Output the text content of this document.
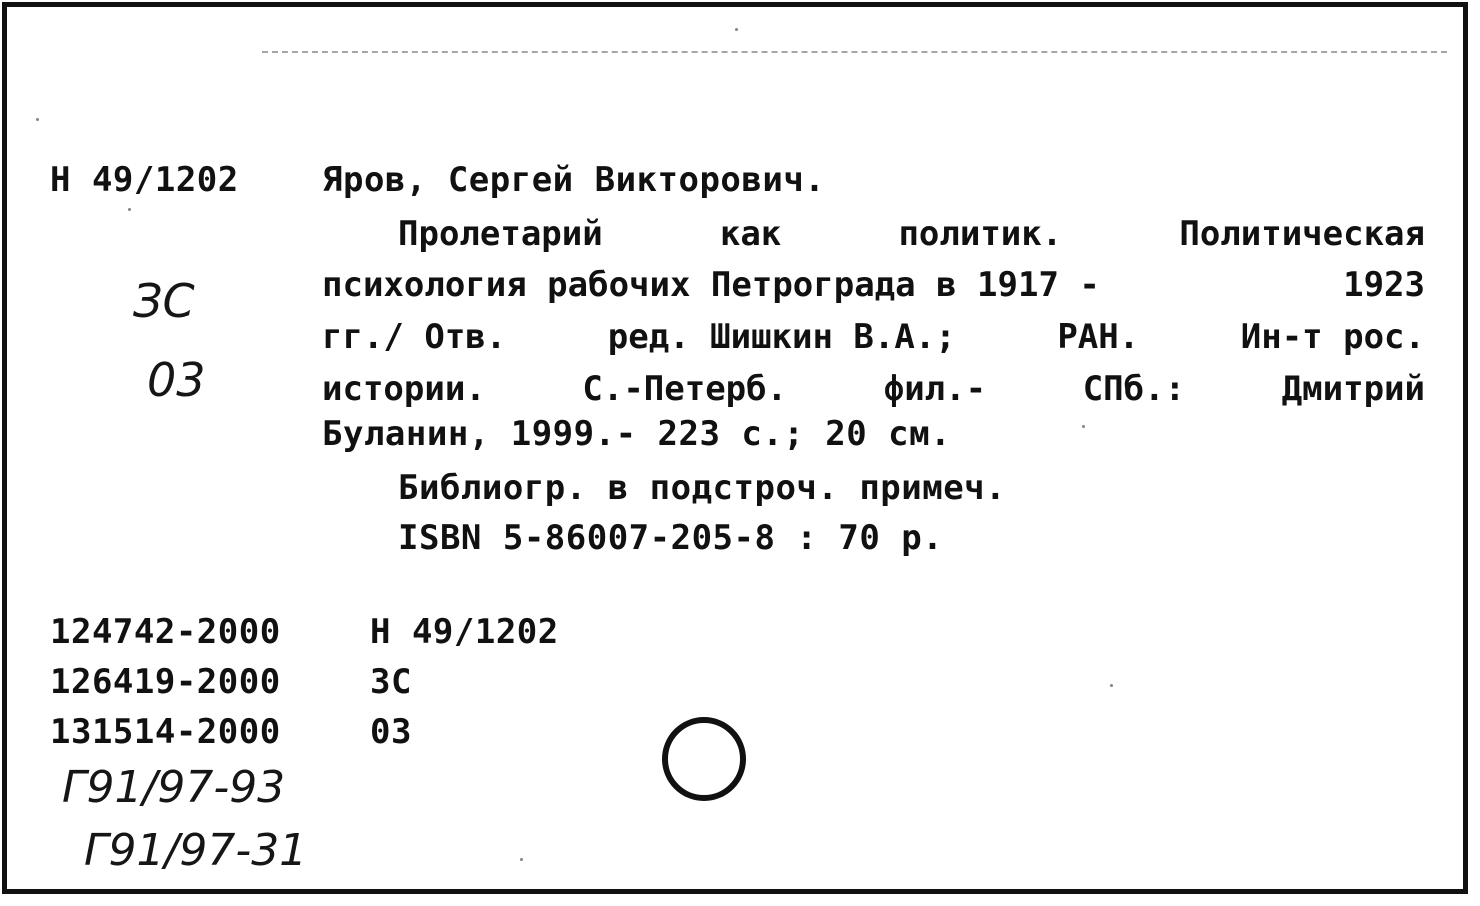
Н 49/1202 Яров, Сергей Викторович.
Пролетарий	как	политик.	Политическая
психология рабочих Петрограда в 1917 -	1923
гг./ Отв.	ред. Шишкин В.А.;	РАН.	Ин-т рос.
истории.	С.-Петерб.	фил.-	СПб.:	Дмитрий
Буланин, 1999.- 223 с.; 20 см.
Библиогр. в подстроч. примеч.
ISBN 5-86007-205-8 : 70 р.
ЗС
03
124742-2000	Н 49/1202
126419-2000	ЗС
131514-2000	03
Г91/97-93
Г91/97-31
